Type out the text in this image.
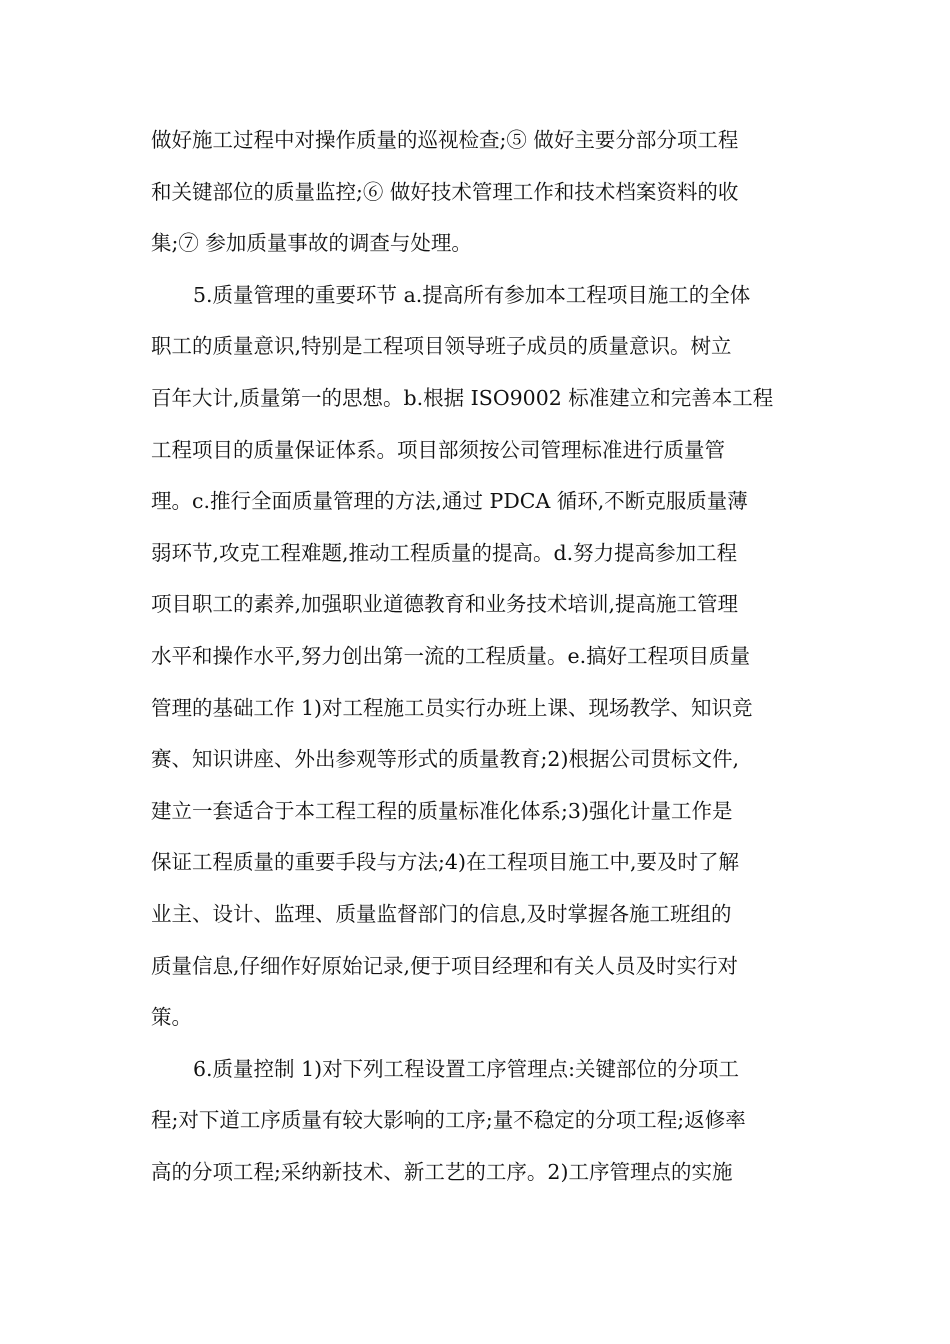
做好施工过程中对操作质量的巡视检查;⑤ 做好主要分部分项工程
和关键部位的质量监控;⑥ 做好技术管理工作和技术档案资料的收
集;⑦ 参加质量事故的调查与处理。
5.质量管理的重要环节 a.提高所有参加本工程项目施工的全体
职工的质量意识,特别是工程项目领导班子成员的质量意识。树立
百年大计,质量第一的思想。b.根据 ISO9002 标准建立和完善本工程
工程项目的质量保证体系。项目部须按公司管理标准进行质量管
理。c.推行全面质量管理的方法,通过 PDCA 循环,不断克服质量薄
弱环节,攻克工程难题,推动工程质量的提高。d.努力提高参加工程
项目职工的素养,加强职业道德教育和业务技术培训,提高施工管理
水平和操作水平,努力创出第一流的工程质量。e.搞好工程项目质量
管理的基础工作 1)对工程施工员实行办班上课、现场教学、知识竞
赛、知识讲座、外出参观等形式的质量教育;2)根据公司贯标文件,
建立一套适合于本工程工程的质量标准化体系;3)强化计量工作是
保证工程质量的重要手段与方法;4)在工程项目施工中,要及时了解
业主、设计、监理、质量监督部门的信息,及时掌握各施工班组的
质量信息,仔细作好原始记录,便于项目经理和有关人员及时实行对
策。
6.质量控制 1)对下列工程设置工序管理点:关键部位的分项工
程;对下道工序质量有较大影响的工序;量不稳定的分项工程;返修率
高的分项工程;采纳新技术、新工艺的工序。2)工序管理点的实施
